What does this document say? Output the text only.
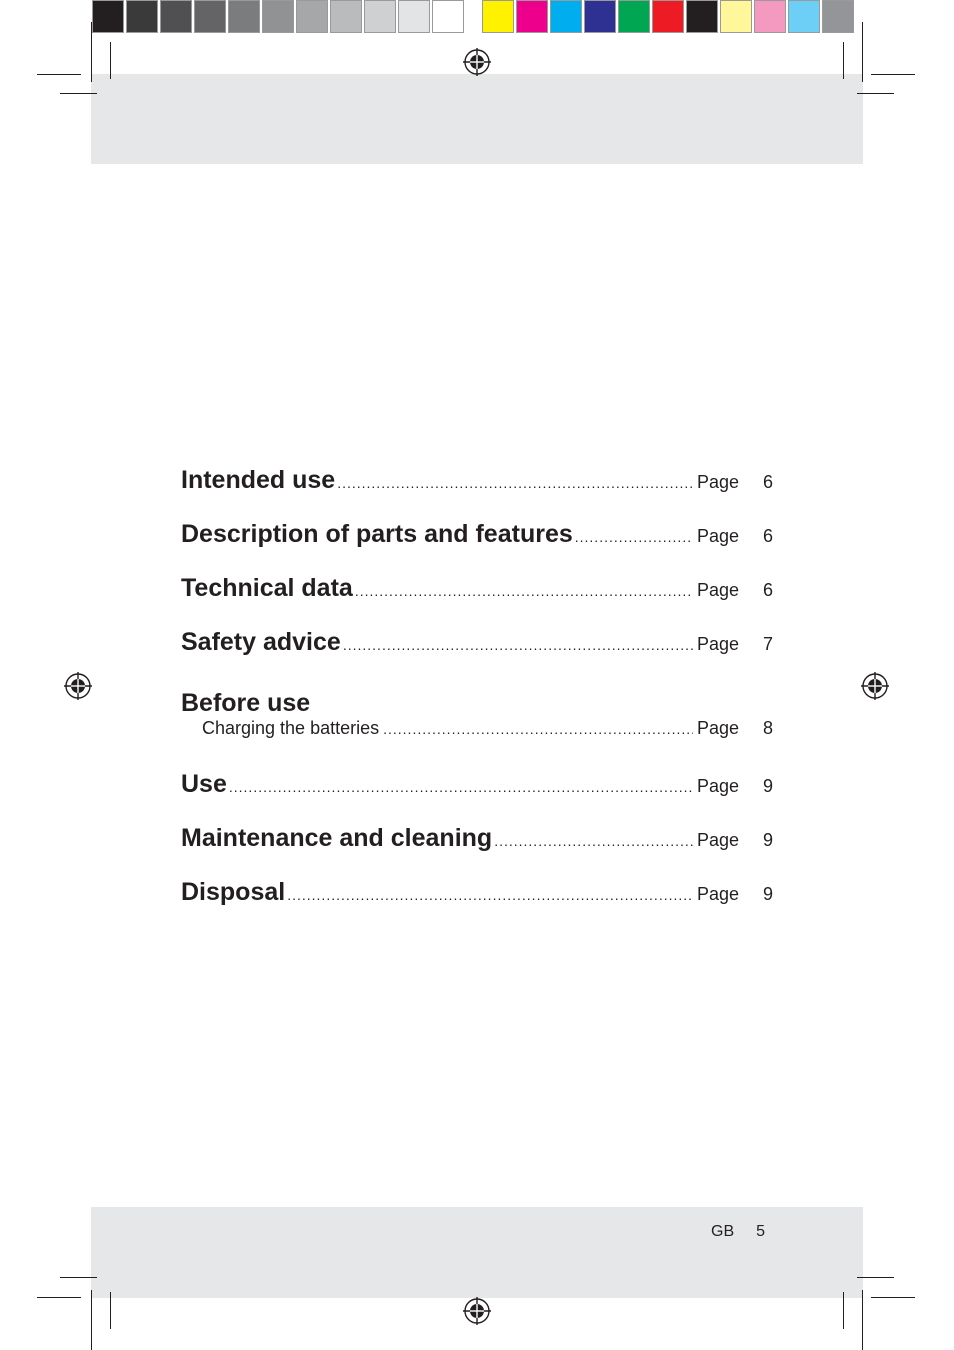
Intended use .....	Page	6
Description of parts and features .....	Page	6
Technical data .....	Page	6
Safety advice .....	Page	7
Before use
Charging the batteries .....	Page	8
Use .....	Page	9
Maintenance and cleaning .....	Page	9
Disposal .....	Page	9
GB 5
